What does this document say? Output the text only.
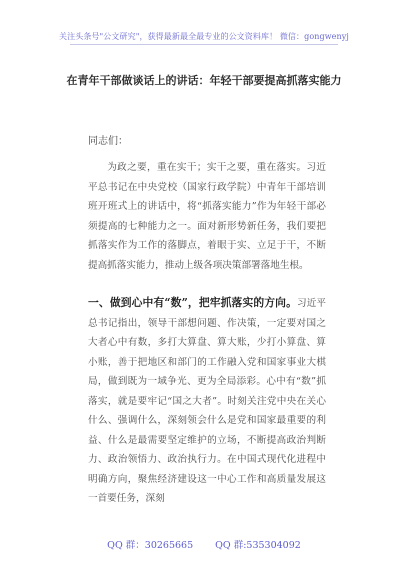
关注头条号"公文研究"，获得最新最全最专业的公文资料库！ 微信：gongwenyj
在青年干部做谈话上的讲话：年轻干部要提高抓落实能力
同志们：
为政之要，重在实干；实干之要，重在落实。习近平总书记在中央党校（国家行政学院）中青年干部培训班开班式上的讲话中，将“抓落实能力”作为年轻干部必须提高的七种能力之一。面对新形势新任务，我们要把抓落实作为工作的落脚点，着眼于实、立足于干，不断提高抓落实能力，推动上级各项决策部署落地生根。
一、做到心中有“数”，把牢抓落实的方向。习近平总书记指出，领导干部想问题、作决策，一定要对国之大者心中有数，多打大算盘、算大账，少打小算盘、算小账，善于把地区和部门的工作融入党和国家事业大棋局，做到既为一域争光、更为全局添彩。心中有“数”抓落实，就是要牢记“国之大者”。时刻关注党中央在关心什么、强调什么，深刻领会什么是党和国家最重要的利益、什么是最需要坚定维护的立场，不断提高政治判断力、政治领悟力、政治执行力。在中国式现代化进程中明确方向，聚焦经济建设这一中心工作和高质量发展这一首要任务，深刻
QQ 群：30265665 QQ 群:535304092
